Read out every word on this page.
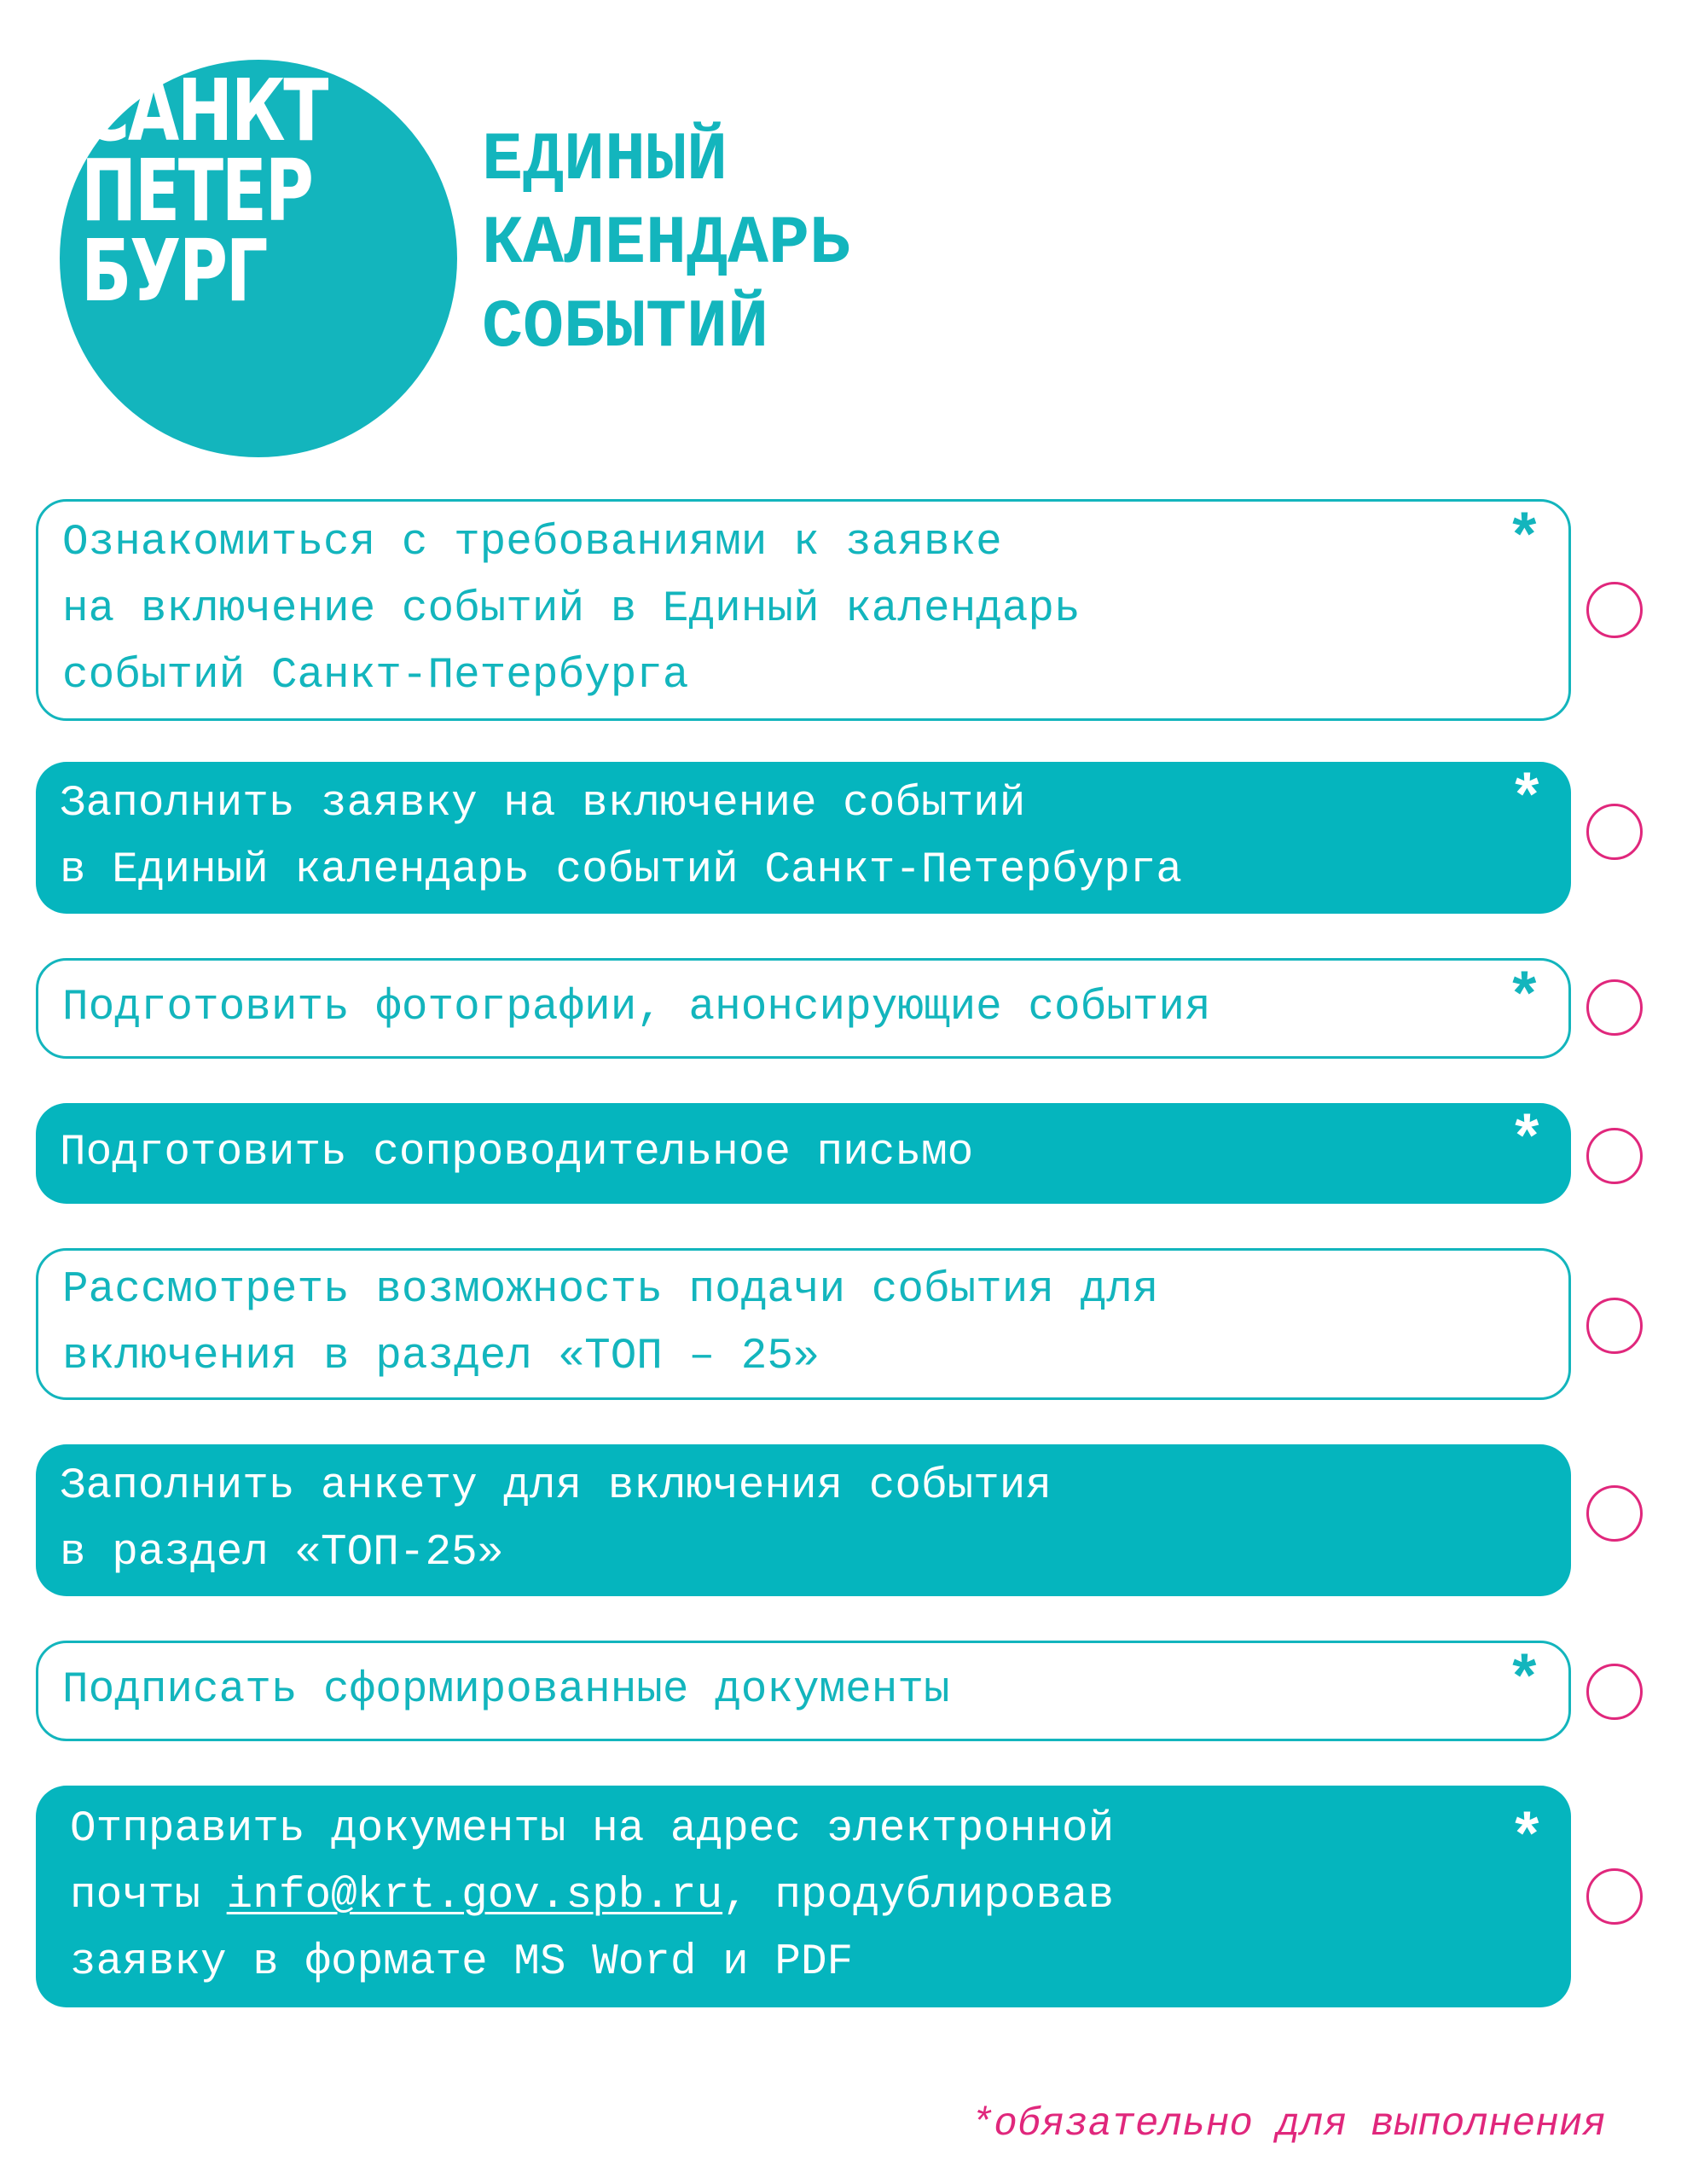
САНКТ
ПЕТЕР
БУРГ
ЕДИНЫЙ
КАЛЕНДАРЬ
СОБЫТИЙ

Ознакомиться с требованиями к заявке
на включение событий в Единый календарь
событий Санкт-Петербурга

*

Заполнить заявку на включение событий
в Единый календарь событий Санкт-Петербурга

*

Подготовить фотографии, анонсирующие события	*

Подготовить сопроводительное письмо	*

Рассмотреть возможность подачи события для
включения в раздел «ТОП – 25»

Заполнить анкету для включения события
в раздел «ТОП-25»

Подписать сформированные документы	*

Отправить документы на адрес электронной
почты info@krt.gov.spb.ru, продублировав
заявку в формате MS Word и PDF

*

*обязательно для выполнения
